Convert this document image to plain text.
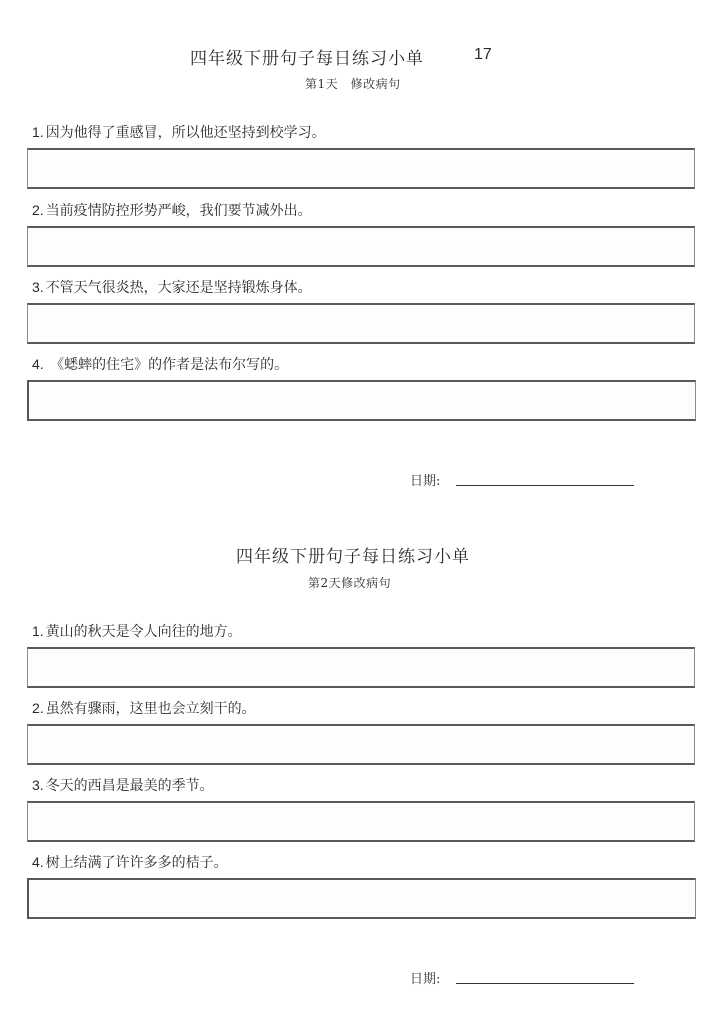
四年级下册句子每日练习小单	17
第1天　修改病句
1. 因为他得了重感冒，所以他还坚持到校学习。
2. 当前疫情防控形势严峻，我们要节减外出。
3. 不管天气很炎热，大家还是坚持锻炼身体。
4. 《蟋蟀的住宅》的作者是法布尔写的。
日期:
四年级下册句子每日练习小单
第2天修改病句
1. 黄山的秋天是令人向往的地方。
2. 虽然有骤雨，这里也会立刻干的。
3. 冬天的西昌是最美的季节。
4. 树上结满了许许多多的桔子。
日期:
